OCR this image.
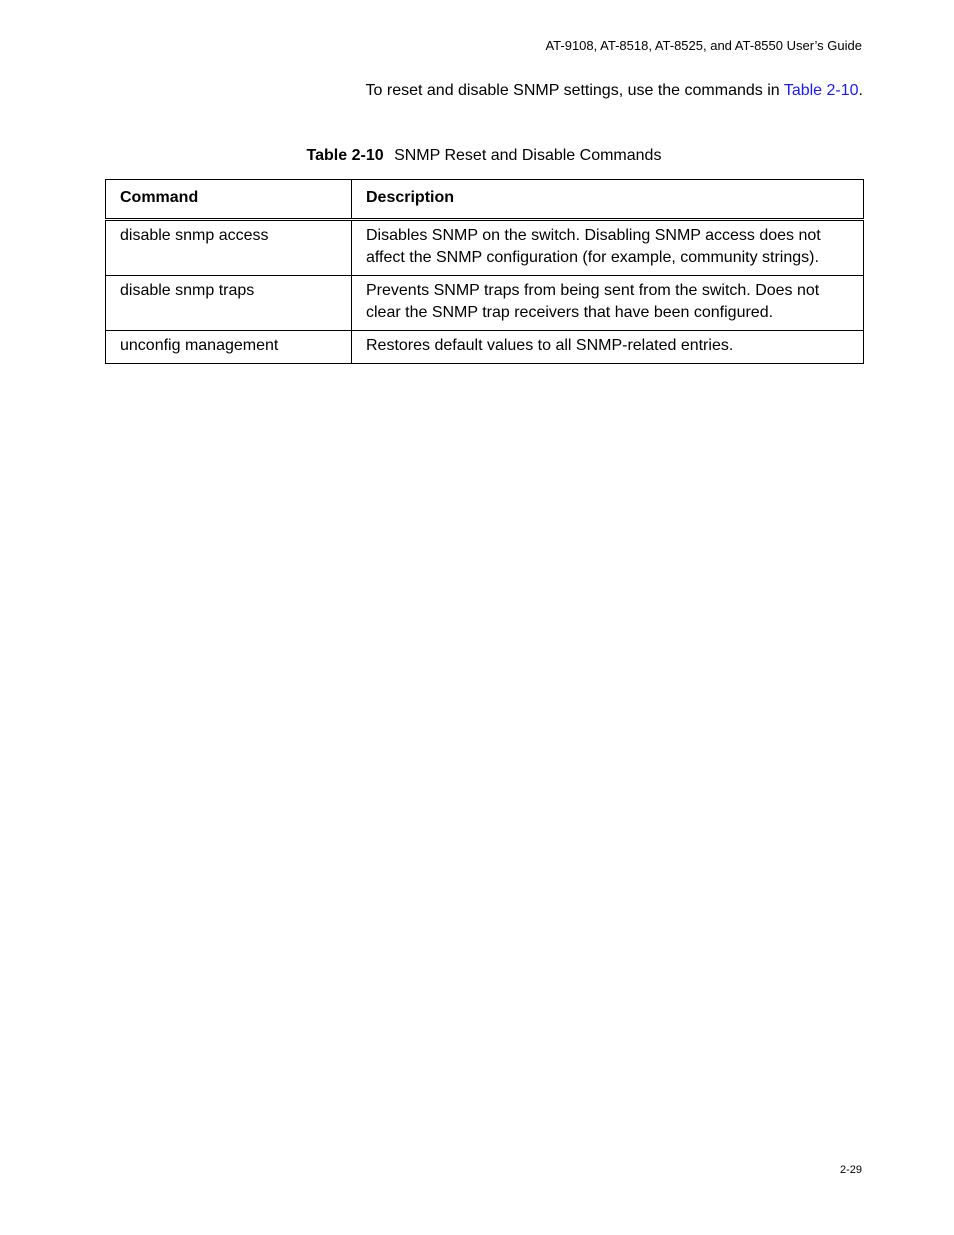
AT-9108, AT-8518, AT-8525, and AT-8550 User’s Guide

To reset and disable SNMP settings, use the commands in Table 2-10.

Table 2-10 SNMP Reset and Disable Commands
Command	Description
disable snmp access	Disables SNMP on the switch. Disabling SNMP access does not affect the SNMP configuration (for example, community strings).
disable snmp traps	Prevents SNMP traps from being sent from the switch. Does not clear the SNMP trap receivers that have been configured.
unconfig management	Restores default values to all SNMP-related entries.
2-29
